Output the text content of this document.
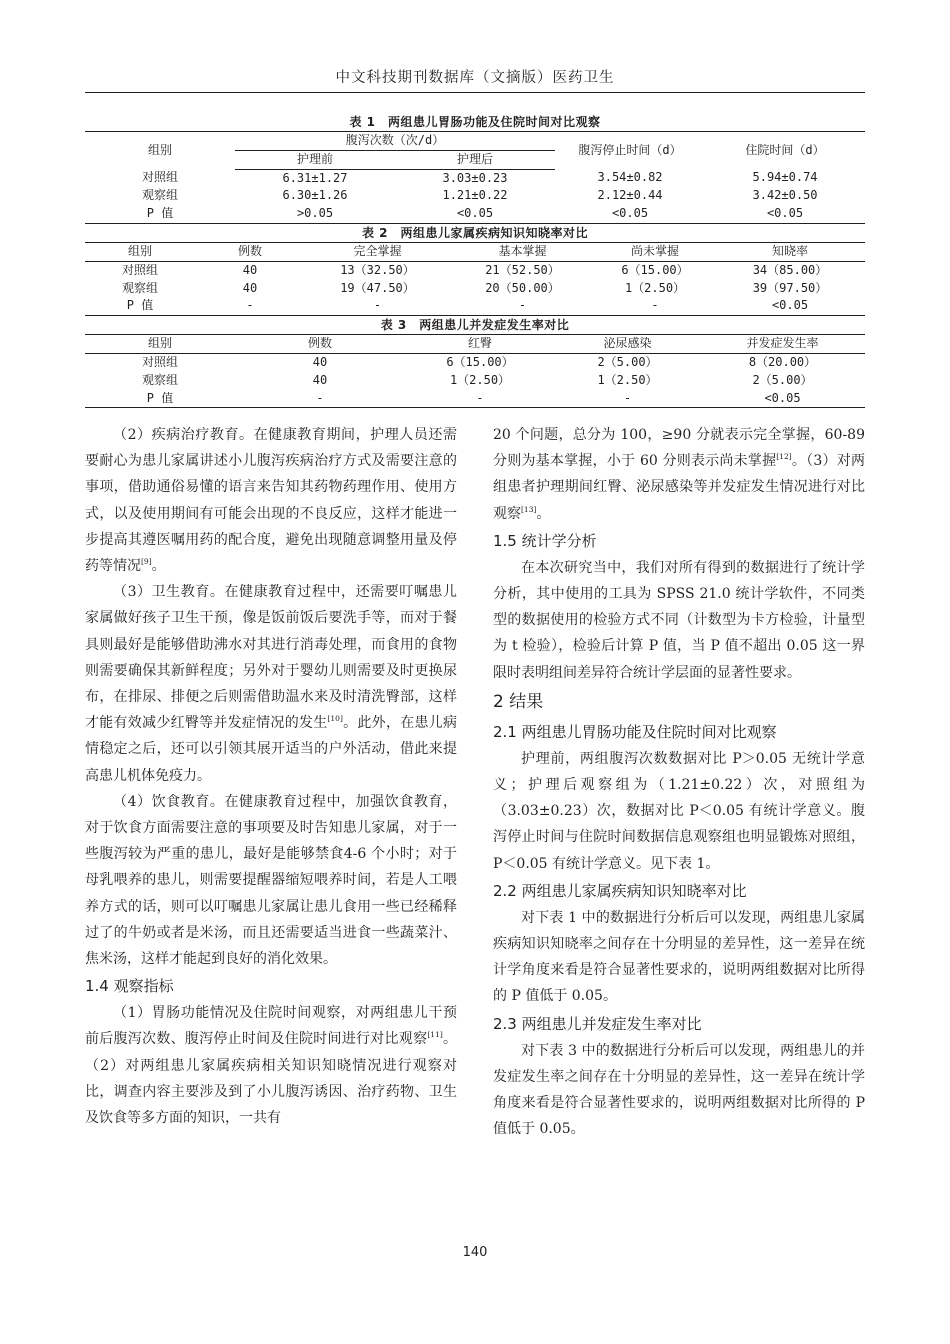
中文科技期刊数据库（文摘版）医药卫生
表 1　两组患儿胃肠功能及住院时间对比观察
组别	腹泻次数（次/d）		腹泻停止时间（d）	住院时间（d）
	护理前	护理后		
对照组	6.31±1.27	3.03±0.23	3.54±0.82	5.94±0.74
观察组	6.30±1.26	1.21±0.22	2.12±0.44	3.42±0.50
P 值	>0.05	<0.05	<0.05	<0.05
表 2　两组患儿家属疾病知识知晓率对比
组别	例数	完全掌握	基本掌握	尚未掌握	知晓率
对照组	40	13（32.50）	21（52.50）	6（15.00）	34（85.00）
观察组	40	19（47.50）	20（50.00）	1（2.50）	39（97.50）
P 值	-	-	-	-	<0.05
表 3　两组患儿并发症发生率对比
组别	例数	红臀	泌尿感染	并发症发生率
对照组	40	6（15.00）	2（5.00）	8（20.00）
观察组	40	1（2.50）	1（2.50）	2（5.00）
P 值	-	-	-	<0.05

（2）疾病治疗教育。在健康教育期间，护理人员还需要耐心为患儿家属讲述小儿腹泻疾病治疗方式及需要注意的事项，借助通俗易懂的语言来告知其药物药理作用、使用方式，以及使用期间有可能会出现的不良反应，这样才能进一步提高其遵医嘱用药的配合度，避免出现随意调整用量及停药等情况[9]。

（3）卫生教育。在健康教育过程中，还需要叮嘱患儿家属做好孩子卫生干预，像是饭前饭后要洗手等，而对于餐具则最好是能够借助沸水对其进行消毒处理，而食用的食物则需要确保其新鲜程度；另外对于婴幼儿则需要及时更换尿布，在排尿、排便之后则需借助温水来及时清洗臀部，这样才能有效减少红臀等并发症情况的发生[10]。此外，在患儿病情稳定之后，还可以引领其展开适当的户外活动，借此来提高患儿机体免疫力。

（4）饮食教育。在健康教育过程中，加强饮食教育，对于饮食方面需要注意的事项要及时告知患儿家属，对于一些腹泻较为严重的患儿，最好是能够禁食4-6 个小时；对于母乳喂养的患儿，则需要提醒器缩短喂养时间，若是人工喂养方式的话，则可以叮嘱患儿家属让患儿食用一些已经稀释过了的牛奶或者是米汤，而且还需要适当进食一些蔬菜汁、焦米汤，这样才能起到良好的消化效果。

1.4 观察指标

（1）胃肠功能情况及住院时间观察，对两组患儿干预前后腹泻次数、腹泻停止时间及住院时间进行对比观察[11]。（2）对两组患儿家属疾病相关知识知晓情况进行观察对比，调查内容主要涉及到了小儿腹泻诱因、治疗药物、卫生及饮食等多方面的知识，一共有

20 个问题，总分为 100，≥90 分就表示完全掌握，60-89 分则为基本掌握，小于 60 分则表示尚未掌握[12]。（3）对两组患者护理期间红臀、泌尿感染等并发症发生情况进行对比观察[13]。

1.5 统计学分析

在本次研究当中，我们对所有得到的数据进行了统计学分析，其中使用的工具为 SPSS 21.0 统计学软件，不同类型的数据使用的检验方式不同（计数型为卡方检验，计量型为 t 检验），检验后计算 P 值，当 P 值不超出 0.05 这一界限时表明组间差异符合统计学层面的显著性要求。

2 结果
2.1 两组患儿胃肠功能及住院时间对比观察

护理前，两组腹泻次数数据对比 P＞0.05 无统计学意义；护理后观察组为（1.21±0.22）次，对照组为（3.03±0.23）次，数据对比 P＜0.05 有统计学意义。腹泻停止时间与住院时间数据信息观察组也明显锻炼对照组，P＜0.05 有统计学意义。见下表 1。

2.2 两组患儿家属疾病知识知晓率对比

对下表 1 中的数据进行分析后可以发现，两组患儿家属疾病知识知晓率之间存在十分明显的差异性，这一差异在统计学角度来看是符合显著性要求的，说明两组数据对比所得的 P 值低于 0.05。

2.3 两组患儿并发症发生率对比

对下表 3 中的数据进行分析后可以发现，两组患儿的并发症发生率之间存在十分明显的差异性，这一差异在统计学角度来看是符合显著性要求的，说明两组数据对比所得的 P 值低于 0.05。

140
